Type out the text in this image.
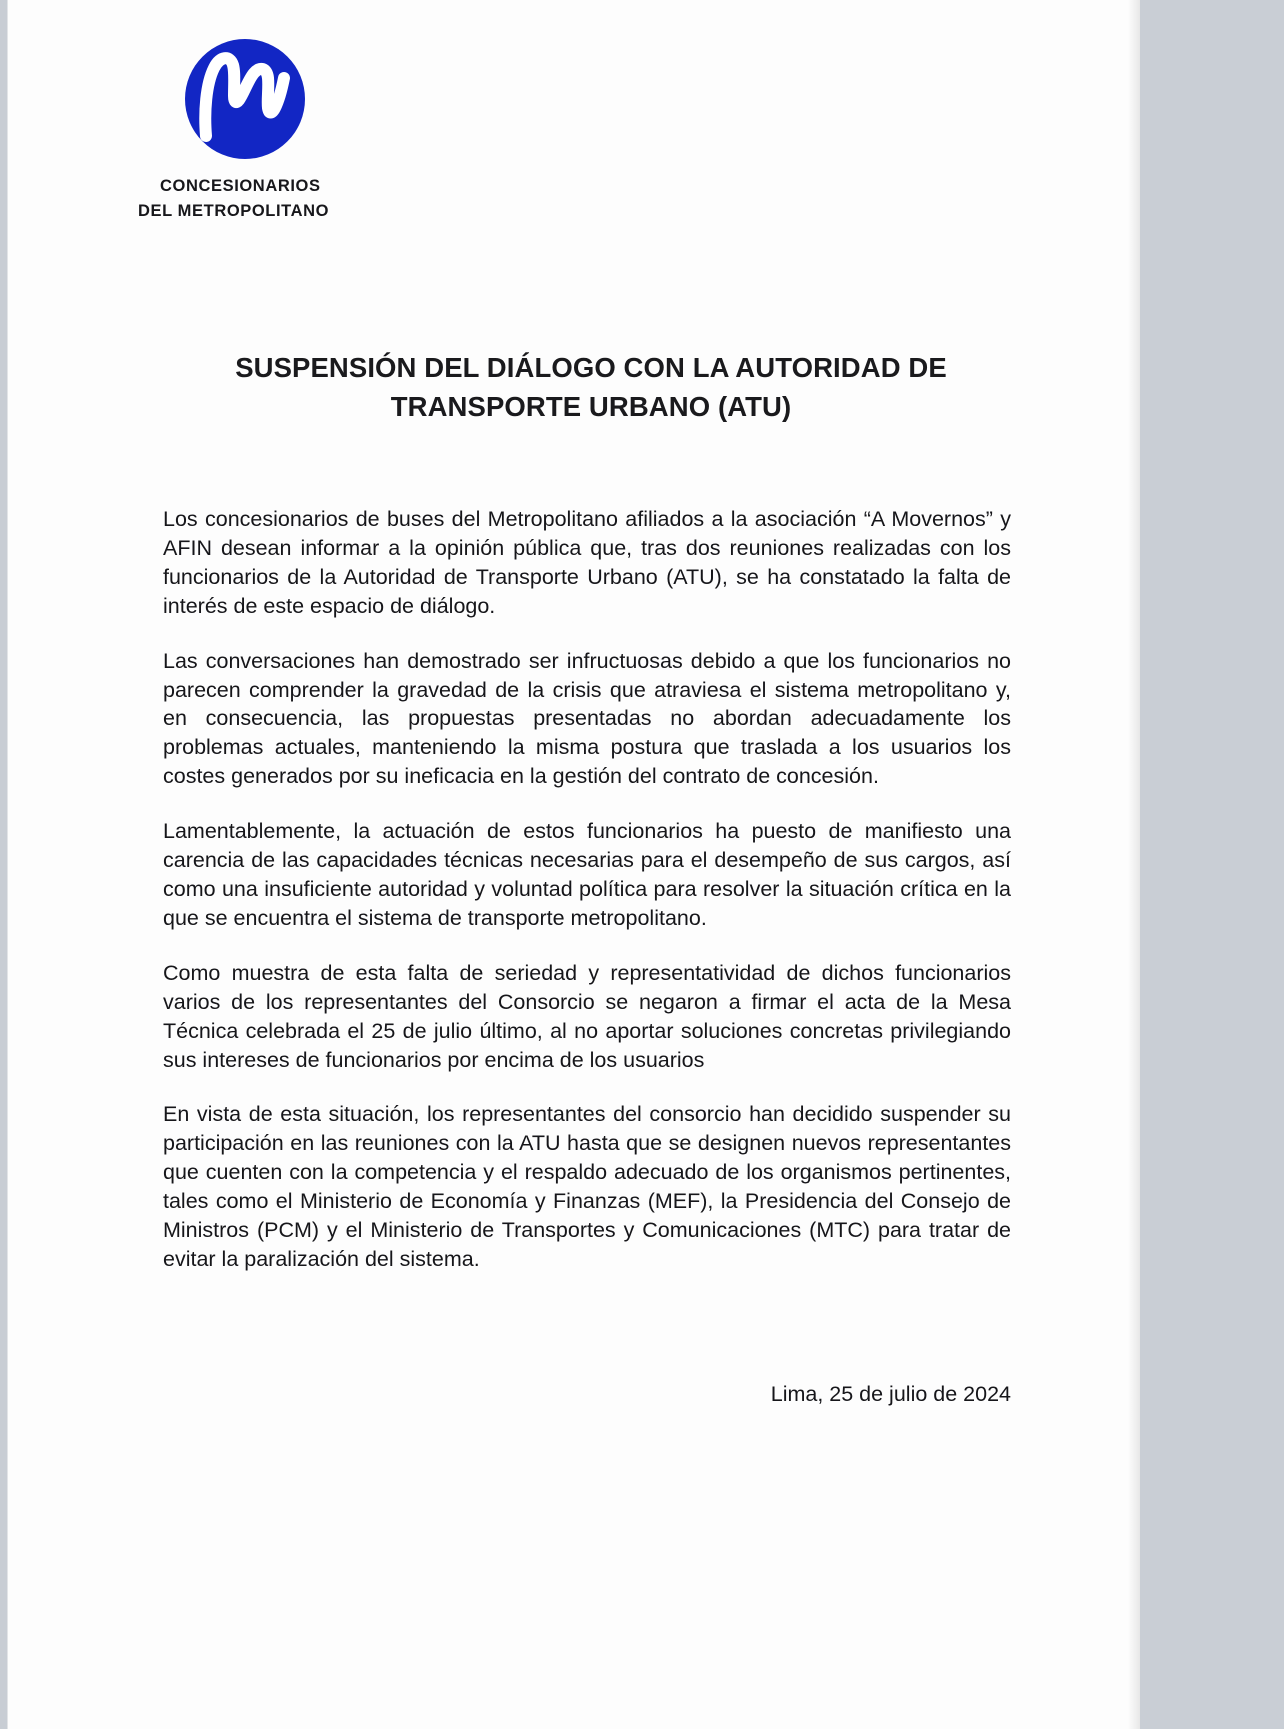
CONCESIONARIOS
DEL METROPOLITANO
SUSPENSIÓN DEL DIÁLOGO CON LA AUTORIDAD DE
TRANSPORTE URBANO (ATU)

Los concesionarios de buses del Metropolitano afiliados a la asociación “A Movernos” y AFIN desean informar a la opinión pública que, tras dos reuniones realizadas con los funcionarios de la Autoridad de Transporte Urbano (ATU), se ha constatado la falta de interés de este espacio de diálogo.

Las conversaciones han demostrado ser infructuosas debido a que los funcionarios no parecen comprender la gravedad de la crisis que atraviesa el sistema metropolitano y, en consecuencia, las propuestas presentadas no abordan adecuadamente los problemas actuales, manteniendo la misma postura que traslada a los usuarios los costes generados por su ineficacia en la gestión del contrato de concesión.

Lamentablemente, la actuación de estos funcionarios ha puesto de manifiesto una carencia de las capacidades técnicas necesarias para el desempeño de sus cargos, así como una insuficiente autoridad y voluntad política para resolver la situación crítica en la que se encuentra el sistema de transporte metropolitano.

Como muestra de esta falta de seriedad y representatividad de dichos funcionarios varios de los representantes del Consorcio se negaron a firmar el acta de la Mesa Técnica celebrada el 25 de julio último, al no aportar soluciones concretas privilegiando sus intereses de funcionarios por encima de los usuarios

En vista de esta situación, los representantes del consorcio han decidido suspender su participación en las reuniones con la ATU hasta que se designen nuevos representantes que cuenten con la competencia y el respaldo adecuado de los organismos pertinentes, tales como el Ministerio de Economía y Finanzas (MEF), la Presidencia del Consejo de Ministros (PCM) y el Ministerio de Transportes y Comunicaciones (MTC) para tratar de evitar la paralización del sistema.

Lima, 25 de julio de 2024
